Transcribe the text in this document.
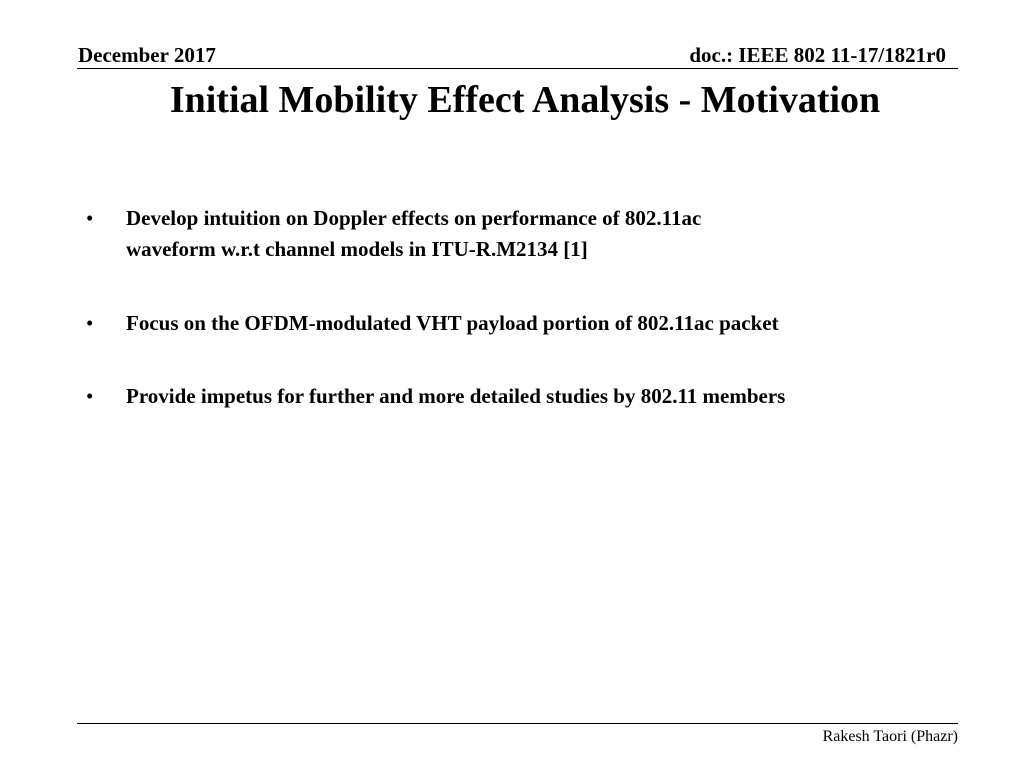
December 2017	doc.: IEEE 802 11-17/1821r0
Initial Mobility Effect Analysis - Motivation
•	Develop intuition on Doppler effects on performance of 802.11ac
waveform w.r.t channel models in ITU-R.M2134 [1]
•	Focus on the OFDM-modulated VHT payload portion of 802.11ac packet
•	Provide impetus for further and more detailed studies by 802.11 members
Rakesh Taori (Phazr)
